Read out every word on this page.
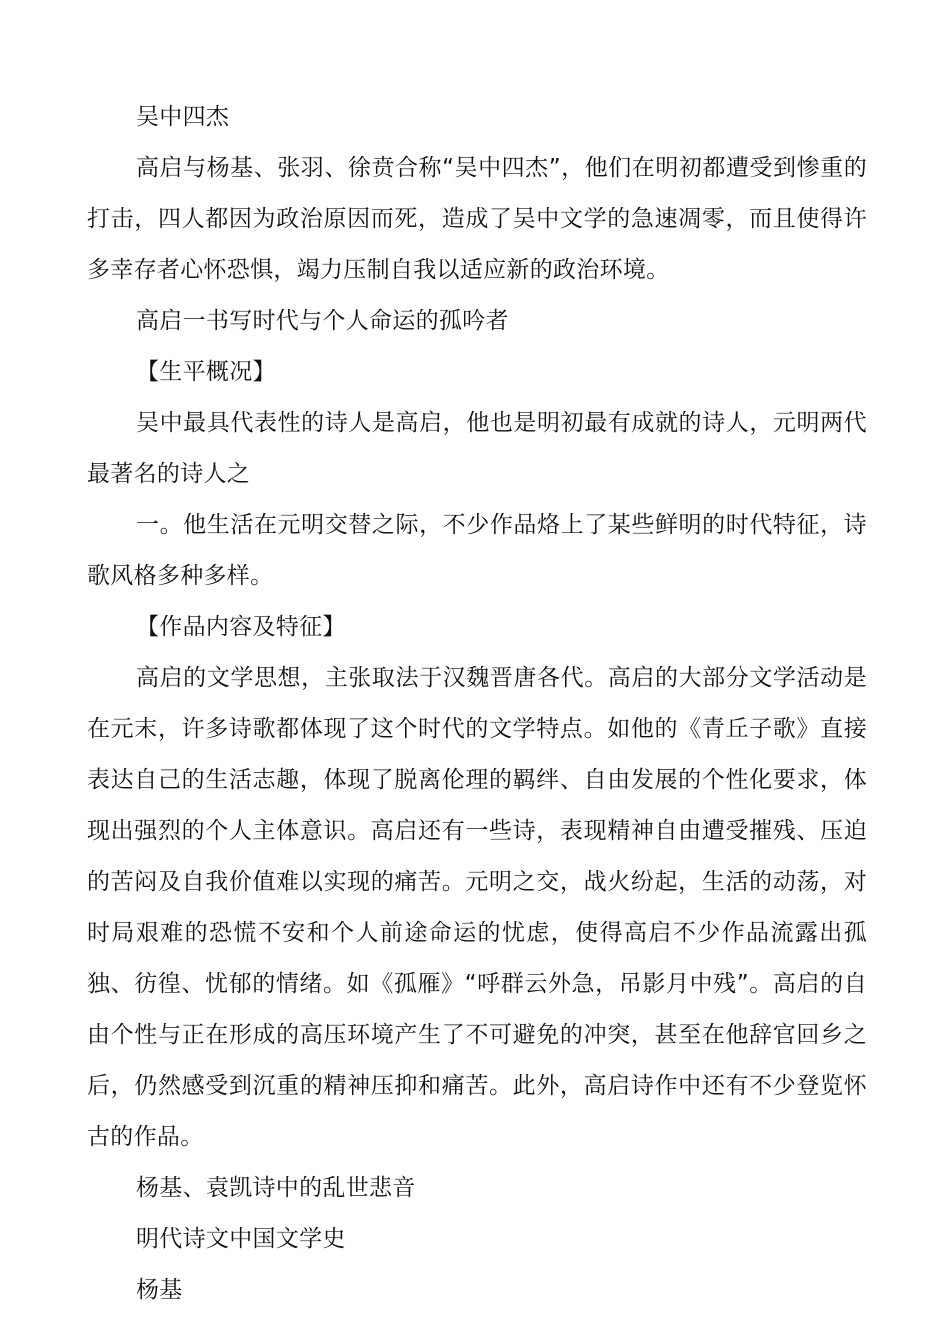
吴中四杰

高启与杨基、张羽、徐贲合称“吴中四杰”，他们在明初都遭受到惨重的打击，四人都因为政治原因而死，造成了吴中文学的急速凋零，而且使得许多幸存者心怀恐惧，竭力压制自我以适应新的政治环境。

高启一书写时代与个人命运的孤吟者

【生平概况】

吴中最具代表性的诗人是高启，他也是明初最有成就的诗人，元明两代最著名的诗人之

一。他生活在元明交替之际，不少作品烙上了某些鲜明的时代特征，诗歌风格多种多样。

【作品内容及特征】

高启的文学思想，主张取法于汉魏晋唐各代。高启的大部分文学活动是在元末，许多诗歌都体现了这个时代的文学特点。如他的《青丘子歌》直接表达自己的生活志趣，体现了脱离伦理的羁绊、自由发展的个性化要求，体现出强烈的个人主体意识。高启还有一些诗，表现精神自由遭受摧残、压迫的苦闷及自我价值难以实现的痛苦。元明之交，战火纷起，生活的动荡，对时局艰难的恐慌不安和个人前途命运的忧虑，使得高启不少作品流露出孤独、彷徨、忧郁的情绪。如《孤雁》“呼群云外急，吊影月中残”。高启的自由个性与正在形成的高压环境产生了不可避免的冲突，甚至在他辞官回乡之后，仍然感受到沉重的精神压抑和痛苦。此外，高启诗作中还有不少登览怀古的作品。

杨基、袁凯诗中的乱世悲音

明代诗文中国文学史

杨基
